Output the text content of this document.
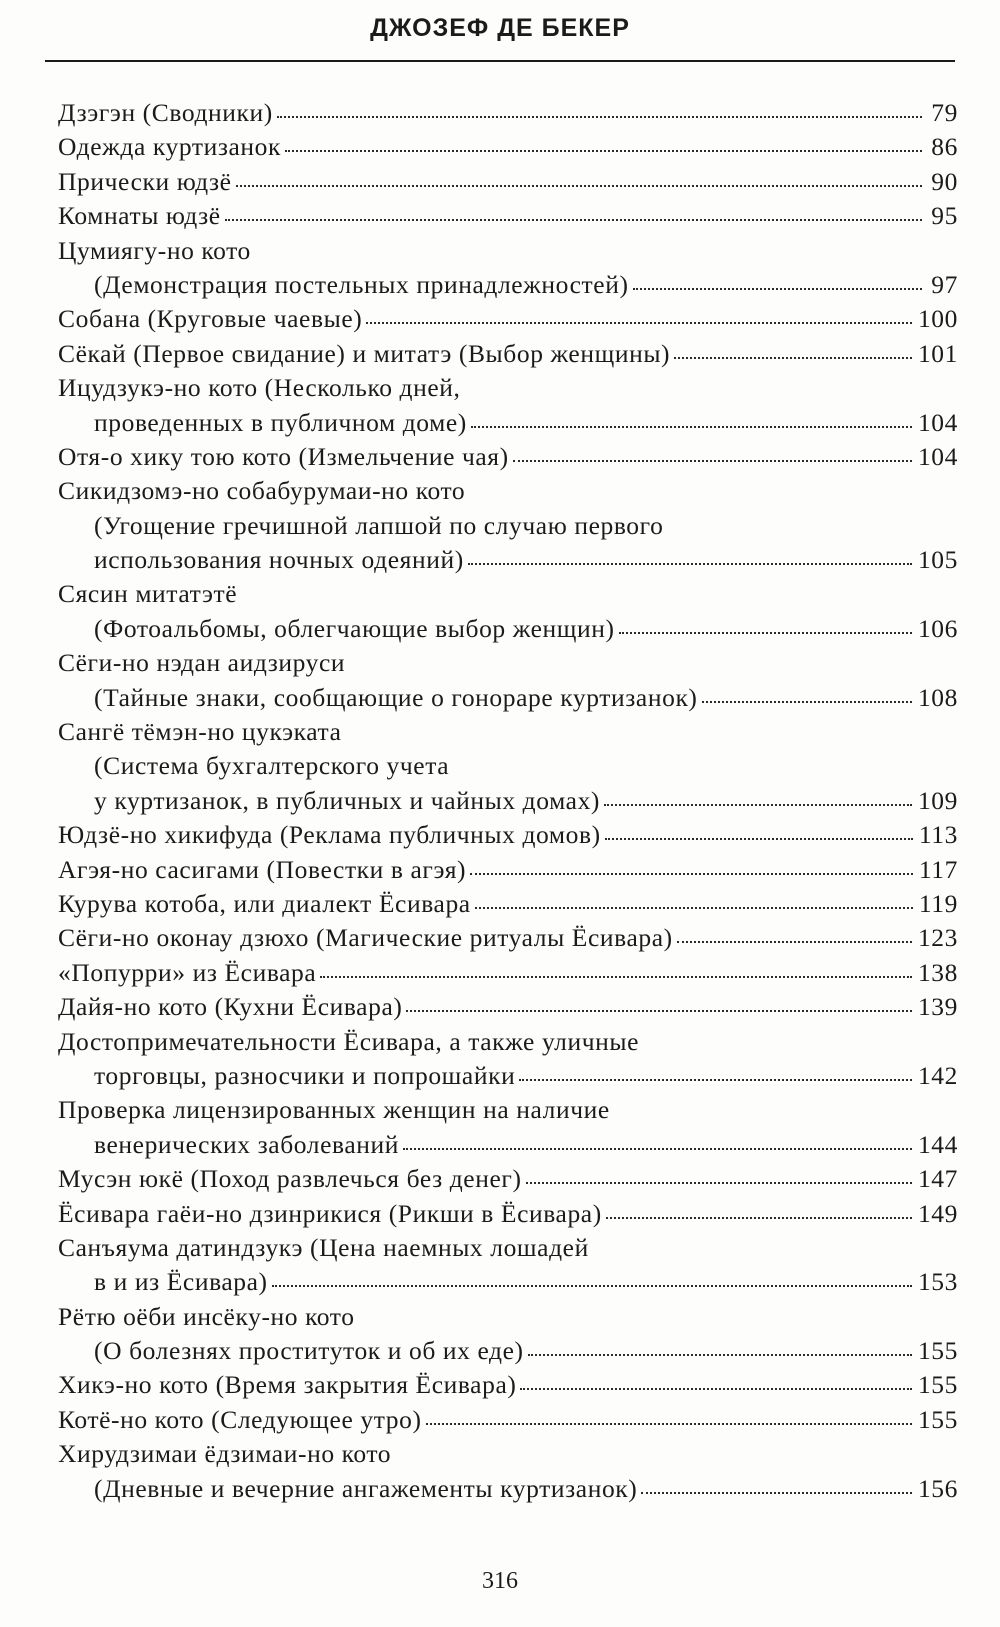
ДЖОЗЕФ ДЕ БЕКЕР
Дзэгэн (Сводники)	79
Одежда куртизанок	86
Прически юдзё	90
Комнаты юдзё	95
Цумиягу-но кото
(Демонстрация постельных принадлежностей)	97
Собана (Круговые чаевые)	100
Сёкай (Первое свидание) и митатэ (Выбор женщины)	101
Ицудзукэ-но кото (Несколько дней,
проведенных в публичном доме)	104
Отя-о хику тою кото (Измельчение чая)	104
Сикидзомэ-но собабурумаи-но кото
(Угощение гречишной лапшой по случаю первого
использования ночных одеяний)	105
Сясин митатэтё
(Фотоальбомы, облегчающие выбор женщин)	106
Сёги-но нэдан аидзируси
(Тайные знаки, сообщающие о гонораре куртизанок)	108
Сангё тёмэн-но цукэката
(Система бухгалтерского учета
у куртизанок, в публичных и чайных домах)	109
Юдзё-но хикифуда (Реклама публичных домов)	113
Агэя-но сасигами (Повестки в агэя)	117
Курува котоба, или диалект Ёсивара	119
Сёги-но оконау дзюхо (Магические ритуалы Ёсивара)	123
«Попурри» из Ёсивара	138
Дайя-но кото (Кухни Ёсивара)	139
Достопримечательности Ёсивара, а также уличные
торговцы, разносчики и попрошайки	142
Проверка лицензированных женщин на наличие
венерических заболеваний	144
Мусэн юкё (Поход развлечься без денег)	147
Ёсивара гаёи-но дзинрикися (Рикши в Ёсивара)	149
Санъяума датиндзукэ (Цена наемных лошадей
в и из Ёсивара)	153
Рётю оёби инсёку-но кото
(О болезнях проституток и об их еде)	155
Хикэ-но кото (Время закрытия Ёсивара)	155
Котё-но кото (Следующее утро)	155
Хирудзимаи ёдзимаи-но кото
(Дневные и вечерние ангажементы куртизанок)	156
316
